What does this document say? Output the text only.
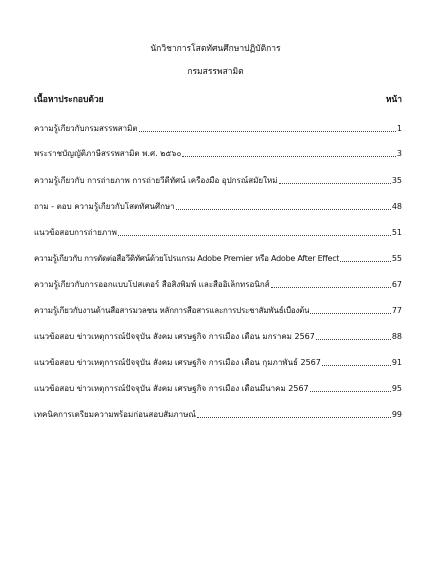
นักวิชาการโสตทัศนศึกษาปฏิบัติการ
กรมสรรพสามิต
เนื้อหาประกอบด้วย	หน้า
ความรู้เกี่ยวกับกรมสรรพสามิต	1
พระราชบัญญัติภาษีสรรพสามิต พ.ศ. ๒๕๖๐	3
ความรู้เกี่ยวกับ การถ่ายภาพ การถ่ายวีดีทัศน์ เครื่องมือ อุปกรณ์สมัยใหม่	35
ถาม - ตอบ ความรู้เกี่ยวกับโสตทัศนศึกษา	48
แนวข้อสอบการถ่ายภาพ	51
ความรู้เกี่ยวกับ การตัดต่อสื่อวีดิทัศน์ด้วยโปรแกรม Adobe Premier หรือ Adobe After Effect	55
ความรู้เกี่ยวกับการออกแบบโปสเตอร์ สื่อสิ่งพิมพ์ และสื่ออิเล็กทรอนิกส์	67
ความรู้เกี่ยวกับงานด้านสื่อสารมวลชน หลักการสื่อสารและการประชาสัมพันธ์เบื้องต้น	77
แนวข้อสอบ ข่าวเหตุการณ์ปัจจุบัน สังคม เศรษฐกิจ การเมือง เดือน มกราคม 2567	88
แนวข้อสอบ ข่าวเหตุการณ์ปัจจุบัน สังคม เศรษฐกิจ การเมือง เดือน กุมภาพันธ์ 2567	91
แนวข้อสอบ ข่าวเหตุการณ์ปัจจุบัน สังคม เศรษฐกิจ การเมือง เดือนมีนาคม 2567	95
เทคนิคการเตรียมความพร้อมก่อนสอบสัมภาษณ์	99
